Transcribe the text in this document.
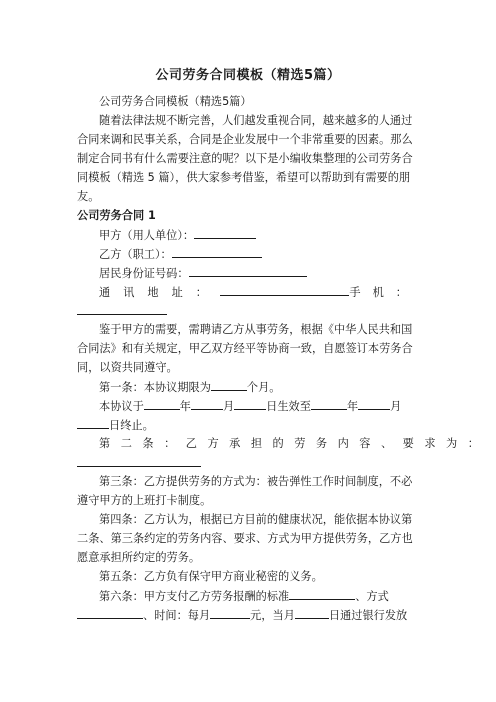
公司劳务合同模板（精选5篇）
公司劳务合同模板（精选5篇）
随着法律法规不断完善，人们越发重视合同，越来越多的人通过
合同来调和民事关系，合同是企业发展中一个非常重要的因素。那么
制定合同书有什么需要注意的呢？以下是小编收集整理的公司劳务合
同模板（精选 5 篇），供大家参考借鉴，希望可以帮助到有需要的朋
友。
公司劳务合同 1
甲方（用人单位）：
乙方（职工）：
居民身份证号码：
通讯地址：	手机：
鉴于甲方的需要，需聘请乙方从事劳务，根据《中华人民共和国
合同法》和有关规定，甲乙双方经平等协商一致，自愿签订本劳务合
同，以资共同遵守。
第一条：本协议期限为	个月。
本协议于	年	月	日生效至	年	月
日终止。
第二条：乙方承担的劳务内容、要求为：
第三条：乙方提供劳务的方式为：被告弹性工作时间制度，不必
遵守甲方的上班打卡制度。
第四条：乙方认为，根据已方目前的健康状况，能依据本协议第
二条、第三条约定的劳务内容、要求、方式为甲方提供劳务，乙方也
愿意承担所约定的劳务。
第五条：乙方负有保守甲方商业秘密的义务。
第六条：甲方支付乙方劳务报酬的标准	、方式
、时间：每月	元，当月	日通过银行发放
